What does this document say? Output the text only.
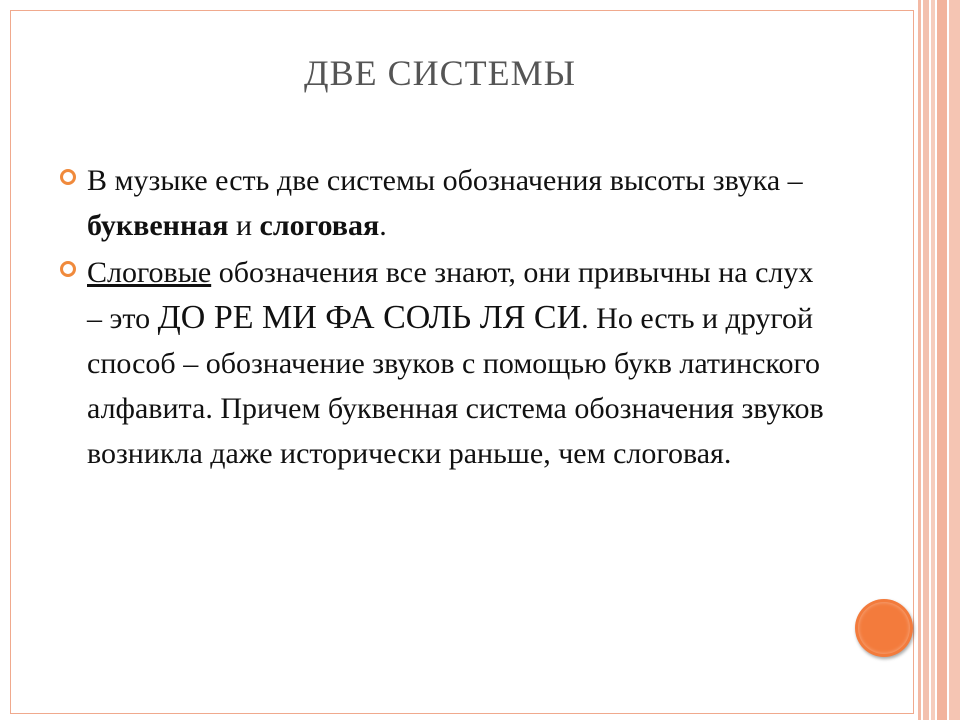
ДВЕ СИСТЕМЫ
В музыке есть две системы обозначения высоты звука – буквенная и слоговая.
Слоговые обозначения все знают, они привычны на слух – это ДО РЕ МИ ФА СОЛЬ ЛЯ СИ. Но есть и другой способ – обозначение звуков с помощью букв латинского алфавита. Причем буквенная система обозначения звуков возникла даже исторически раньше, чем слоговая.
